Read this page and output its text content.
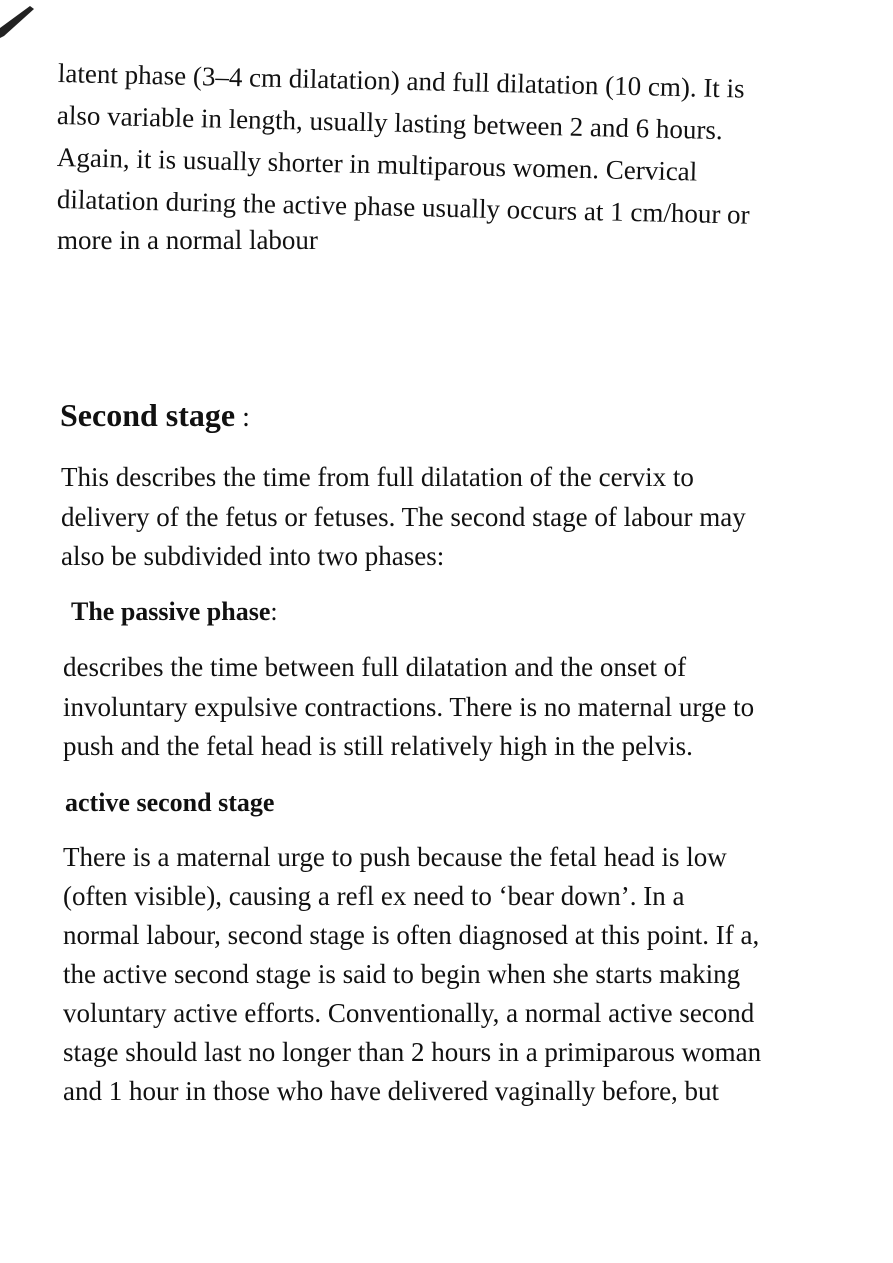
latent phase (3–4 cm dilatation) and full dilatation (10 cm). It is
also variable in length, usually lasting between 2 and 6 hours.
Again, it is usually shorter in multiparous women. Cervical
dilatation during the active phase usually occurs at 1 cm/hour or
more in a normal labour
Second stage :
This describes the time from full dilatation of the cervix to
delivery of the fetus or fetuses. The second stage of labour may
also be subdivided into two phases:
The passive phase:
describes the time between full dilatation and the onset of
involuntary expulsive contractions. There is no maternal urge to
push and the fetal head is still relatively high in the pelvis.
active second stage
There is a maternal urge to push because the fetal head is low
(often visible), causing a refl ex need to ‘bear down’. In a
normal labour, second stage is often diagnosed at this point. If a,
the active second stage is said to begin when she starts making
voluntary active efforts. Conventionally, a normal active second
stage should last no longer than 2 hours in a primiparous woman
and 1 hour in those who have delivered vaginally before, but
